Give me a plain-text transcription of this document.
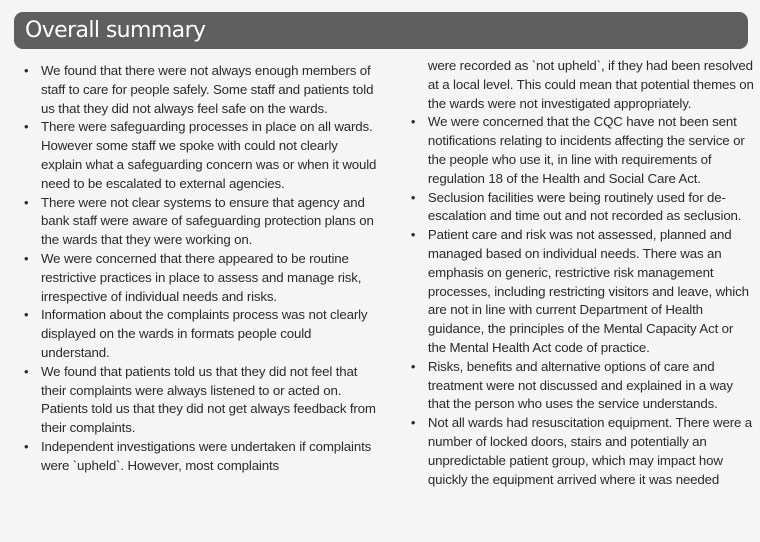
Overall summary
• We found that there were not always enough members of staff to care for people safely. Some staff and patients told us that they did not always feel safe on the wards.
• There were safeguarding processes in place on all wards. However some staff we spoke with could not clearly explain what a safeguarding concern was or when it would need to be escalated to external agencies.
• There were not clear systems to ensure that agency and bank staff were aware of safeguarding protection plans on the wards that they were working on.
• We were concerned that there appeared to be routine restrictive practices in place to assess and manage risk, irrespective of individual needs and risks.
• Information about the complaints process was not clearly displayed on the wards in formats people could understand.
• We found that patients told us that they did not feel that their complaints were always listened to or acted on. Patients told us that they did not get always feedback from their complaints.
• Independent investigations were undertaken if complaints were `upheld`. However, most complaints
were recorded as `not upheld`, if they had been resolved at a local level. This could mean that potential themes on the wards were not investigated appropriately.
• We were concerned that the CQC have not been sent notifications relating to incidents affecting the service or the people who use it, in line with requirements of regulation 18 of the Health and Social Care Act.
• Seclusion facilities were being routinely used for de-escalation and time out and not recorded as seclusion.
• Patient care and risk was not assessed, planned and managed based on individual needs. There was an emphasis on generic, restrictive risk management processes, including restricting visitors and leave, which are not in line with current Department of Health guidance, the principles of the Mental Capacity Act or the Mental Health Act code of practice.
• Risks, benefits and alternative options of care and treatment were not discussed and explained in a way that the person who uses the service understands.
• Not all wards had resuscitation equipment. There were a number of locked doors, stairs and potentially an unpredictable patient group, which may impact how quickly the equipment arrived where it was needed
